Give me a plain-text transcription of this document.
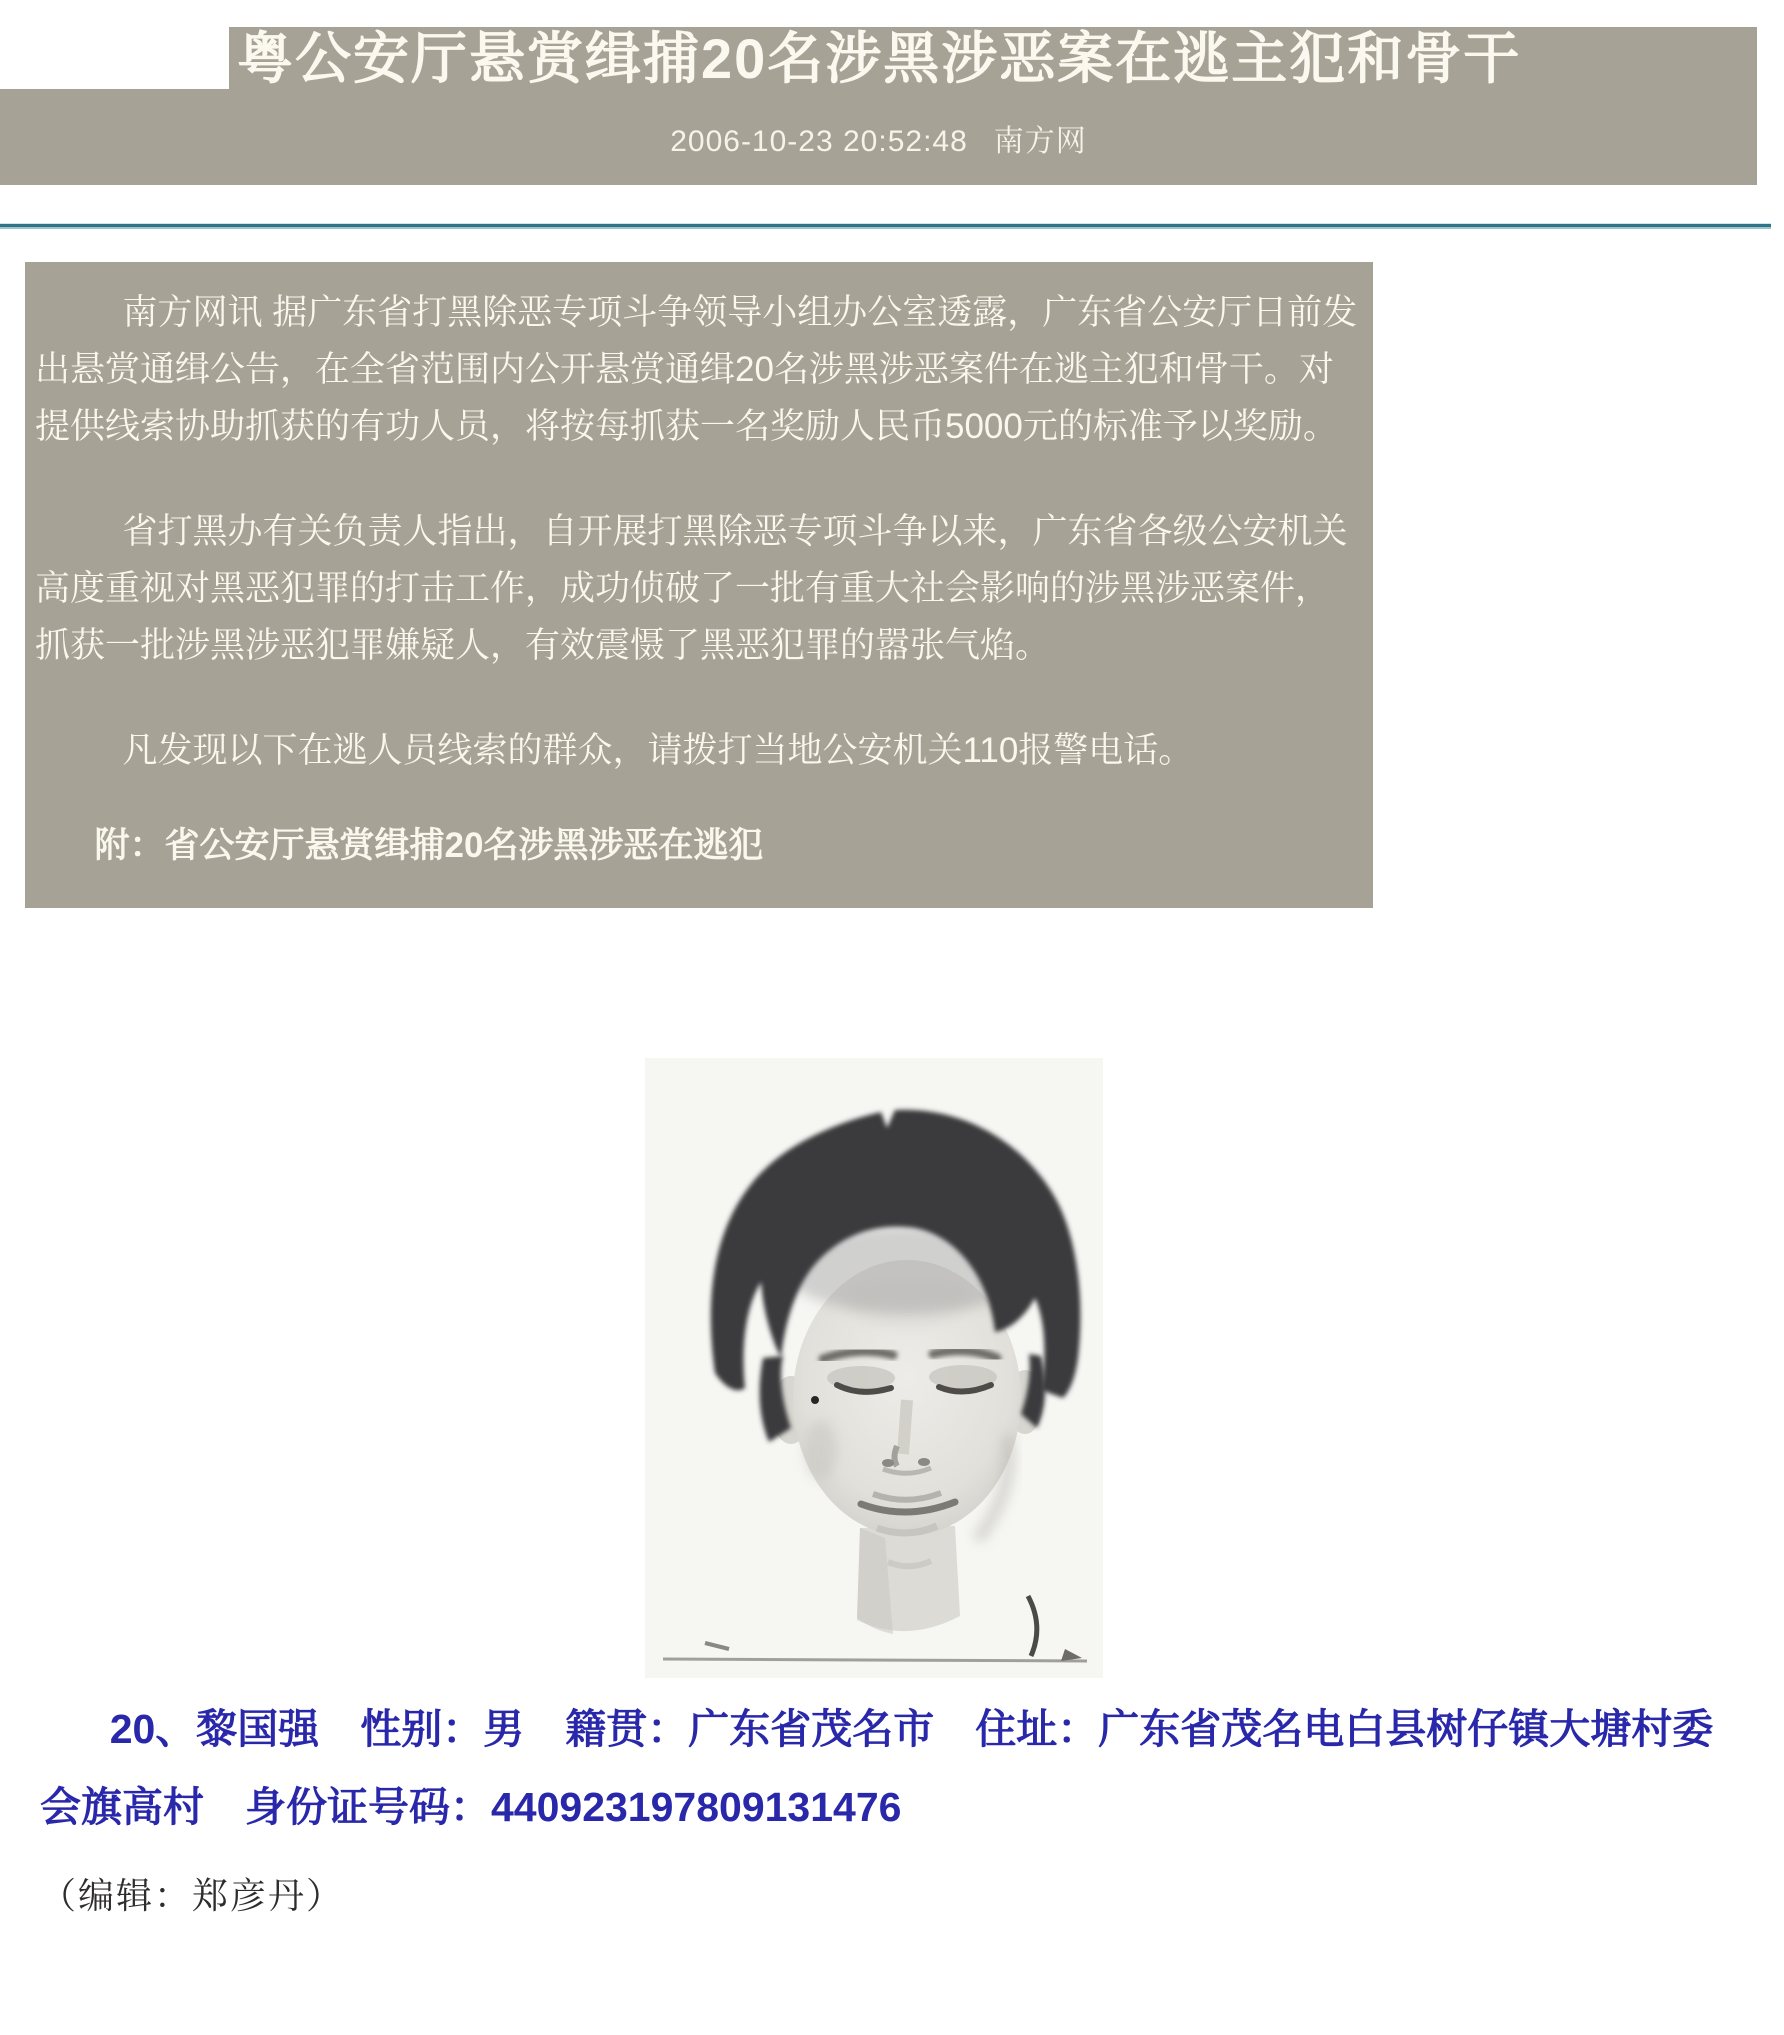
粤公安厅悬赏缉捕20名涉黑涉恶案在逃主犯和骨干
2006-10-23 20:52:48 南方网

南方网讯 据广东省打黑除恶专项斗争领导小组办公室透露，广东省公安厅日前发出悬赏通缉公告，在全省范围内公开悬赏通缉20名涉黑涉恶案件在逃主犯和骨干。对提供线索协助抓获的有功人员，将按每抓获一名奖励人民币5000元的标准予以奖励。

省打黑办有关负责人指出，自开展打黑除恶专项斗争以来，广东省各级公安机关高度重视对黑恶犯罪的打击工作，成功侦破了一批有重大社会影响的涉黑涉恶案件，抓获一批涉黑涉恶犯罪嫌疑人，有效震慑了黑恶犯罪的嚣张气焰。

凡发现以下在逃人员线索的群众，请拨打当地公安机关110报警电话。

附：省公安厅悬赏缉捕20名涉黑涉恶在逃犯

20、黎国强　性别：男　籍贯：广东省茂名市　住址：广东省茂名电白县树仔镇大塘村委会旗高村　身份证号码：440923197809131476
（编辑：郑彦丹）
